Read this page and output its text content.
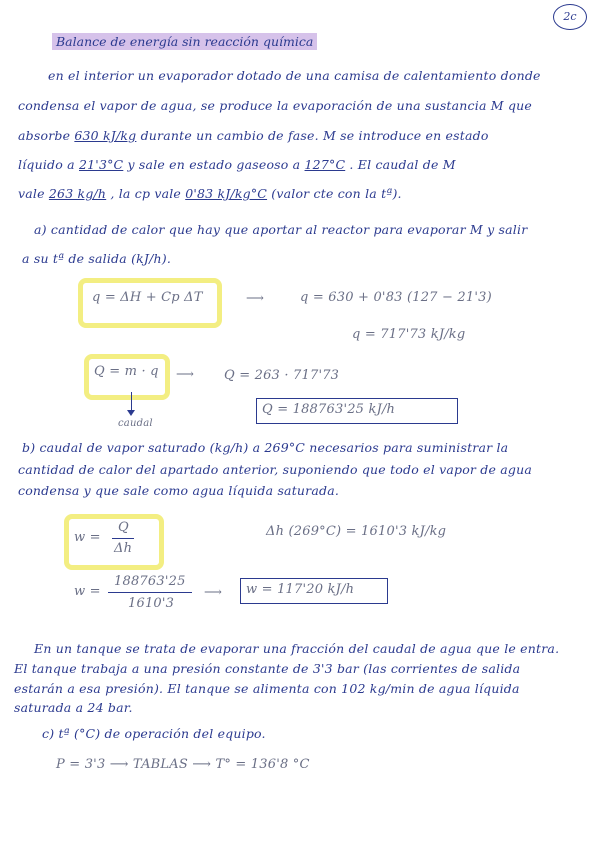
2c
Balance de energía sin reacción química
en el interior un evaporador dotado de una camisa de calentamiento donde
condensa el vapor de agua, se produce la evaporación de una sustancia M que
absorbe 630 kJ/kg durante un cambio de fase. M se introduce en estado
líquido a 21'3°C y sale en estado gaseoso a 127°C . El caudal de M
vale 263 kg/h , la cp vale 0'83 kJ/kg°C (valor cte con la tª).
a) cantidad de calor que hay que aportar al reactor para evaporar M y salir
a su tª de salida (kJ/h).
q = ΔH + Cp ΔT	⟶	q = 630 + 0'83 (127 − 21'3)
q = 717'73 kJ/kg
Q = m · q
caudal
⟶ Q = 263 · 717'73
Q = 188763'25 kJ/h
b) caudal de vapor saturado (kg/h) a 269°C necesarios para suministrar la
cantidad de calor del apartado anterior, suponiendo que todo el vapor de agua
condensa y que sale como agua líquida saturada.
w =
Q
Δh
Δh (269°C) = 1610'3 kJ/kg
w =
188763'25
1610'3
⟶ w = 117'20 kJ/h
En un tanque se trata de evaporar una fracción del caudal de agua que le entra.
El tanque trabaja a una presión constante de 3'3 bar (las corrientes de salida
estarán a esa presión). El tanque se alimenta con 102 kg/min de agua líquida
saturada a 24 bar.
c) tª (°C) de operación del equipo.
P = 3'3 ⟶ TABLAS ⟶ T° = 136'8 °C
